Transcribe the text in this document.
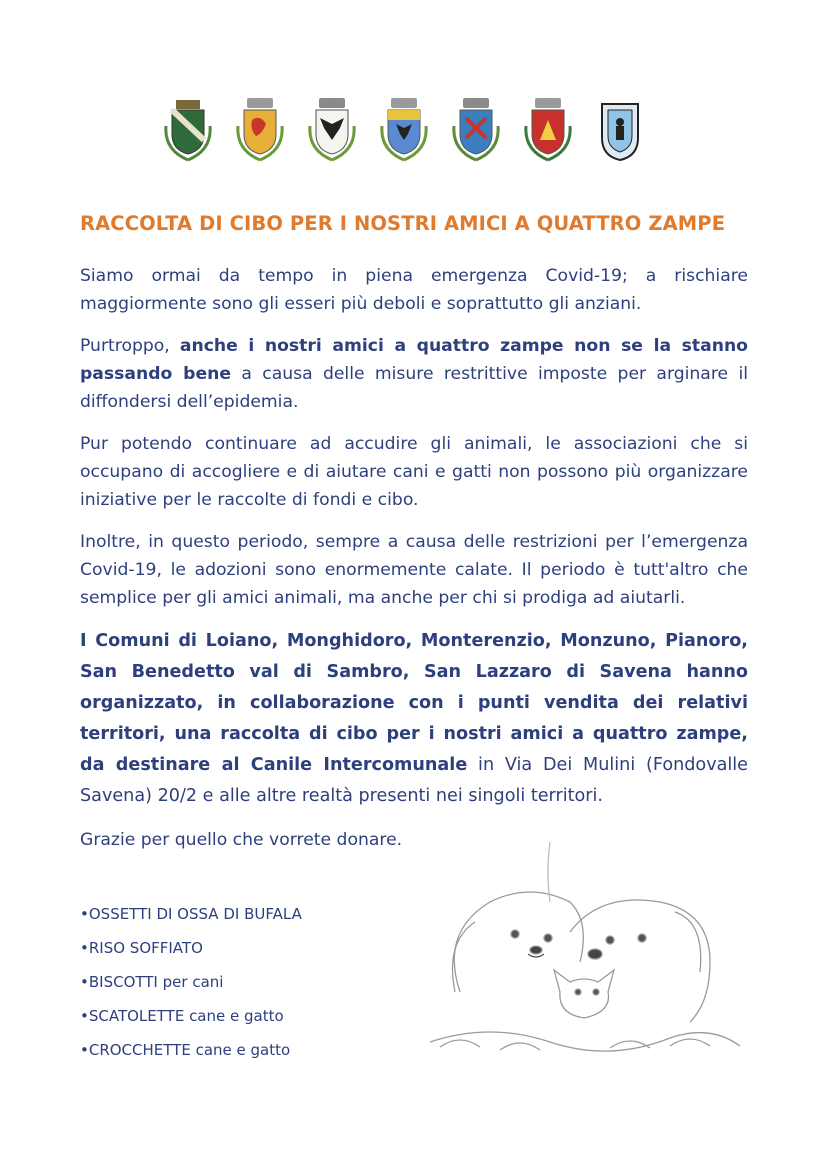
RACCOLTA DI CIBO PER I NOSTRI AMICI A QUATTRO ZAMPE

Siamo ormai da tempo in piena emergenza Covid-19; a rischiare maggiormente sono gli esseri più deboli e soprattutto gli anziani.

Purtroppo, anche i nostri amici a quattro zampe non se la stanno passando bene a causa delle misure restrittive imposte per arginare il diffondersi dell’epidemia.

Pur potendo continuare ad accudire gli animali, le associazioni che si occupano di accogliere e di aiutare cani e gatti non possono più organizzare iniziative per le raccolte di fondi e cibo.

Inoltre, in questo periodo, sempre a causa delle restrizioni per l’emergenza Covid-19, le adozioni sono enormemente calate. Il periodo è tutt'altro che semplice per gli amici animali, ma anche per chi si prodiga ad aiutarli.

I Comuni di Loiano, Monghidoro, Monterenzio, Monzuno, Pianoro, San Benedetto val di Sambro, San Lazzaro di Savena hanno organizzato, in collaborazione con i punti vendita dei relativi territori, una raccolta di cibo per i nostri amici a quattro zampe, da destinare al Canile Intercomunale in Via Dei Mulini (Fondovalle Savena) 20/2 e alle altre realtà presenti nei singoli territori.

Grazie per quello che vorrete donare.

•OSSETTI DI OSSA DI BUFALA
•RISO SOFFIATO
•BISCOTTI per cani
•SCATOLETTE cane e gatto
•CROCCHETTE cane e gatto
